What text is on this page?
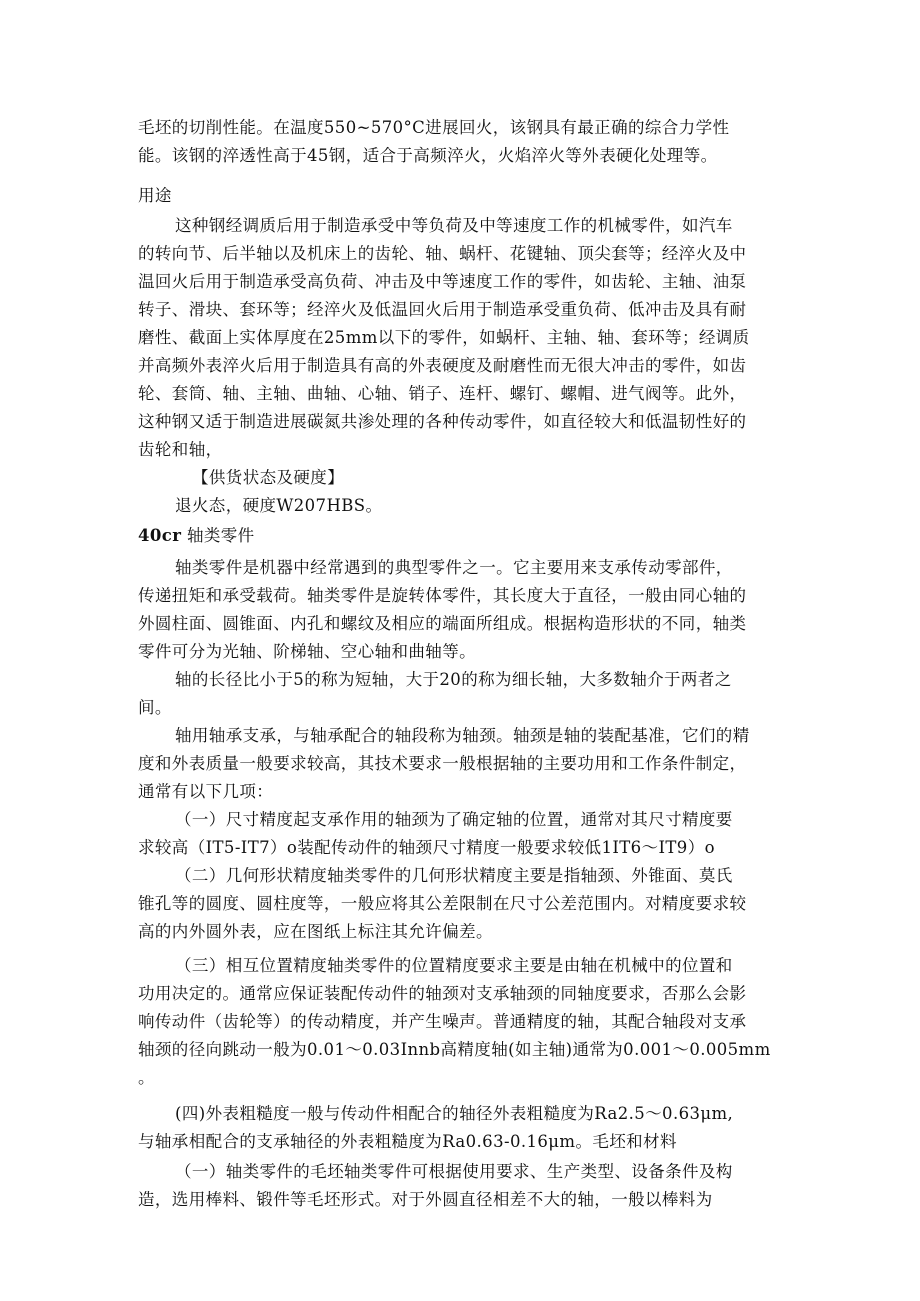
毛坯的切削性能。在温度550~570°C进展回火，该钢具有最正确的综合力学性
能。该钢的淬透性高于45钢，适合于高频淬火，火焰淬火等外表硬化处理等。
用途
这种钢经调质后用于制造承受中等负荷及中等速度工作的机械零件，如汽车
的转向节、后半轴以及机床上的齿轮、轴、蜗杆、花键轴、顶尖套等；经淬火及中
温回火后用于制造承受高负荷、冲击及中等速度工作的零件，如齿轮、主轴、油泵
转子、滑块、套环等；经淬火及低温回火后用于制造承受重负荷、低冲击及具有耐
磨性、截面上实体厚度在25mm以下的零件，如蜗杆、主轴、轴、套环等；经调质
并高频外表淬火后用于制造具有高的外表硬度及耐磨性而无很大冲击的零件，如齿
轮、套筒、轴、主轴、曲轴、心轴、销子、连杆、螺钉、螺帽、进气阀等。此外，
这种钢又适于制造进展碳氮共渗处理的各种传动零件，如直径较大和低温韧性好的
齿轮和轴，
【供货状态及硬度】
退火态，硬度W207HBS。
40cr 轴类零件
轴类零件是机器中经常遇到的典型零件之一。它主要用来支承传动零部件，
传递扭矩和承受载荷。轴类零件是旋转体零件，其长度大于直径，一般由同心轴的
外圆柱面、圆锥面、内孔和螺纹及相应的端面所组成。根据构造形状的不同，轴类
零件可分为光轴、阶梯轴、空心轴和曲轴等。
轴的长径比小于5的称为短轴，大于20的称为细长轴，大多数轴介于两者之
间。
轴用轴承支承，与轴承配合的轴段称为轴颈。轴颈是轴的装配基准，它们的精
度和外表质量一般要求较高，其技术要求一般根据轴的主要功用和工作条件制定，
通常有以下几项：
（一）尺寸精度起支承作用的轴颈为了确定轴的位置，通常对其尺寸精度要
求较高（IT5-IT7）o装配传动件的轴颈尺寸精度一般要求较低1IT6～IT9）o
（二）几何形状精度轴类零件的几何形状精度主要是指轴颈、外锥面、莫氏
锥孔等的圆度、圆柱度等，一般应将其公差限制在尺寸公差范围内。对精度要求较
高的内外圆外表，应在图纸上标注其允许偏差。
（三）相互位置精度轴类零件的位置精度要求主要是由轴在机械中的位置和
功用决定的。通常应保证装配传动件的轴颈对支承轴颈的同轴度要求，否那么会影
响传动件（齿轮等）的传动精度，并产生噪声。普通精度的轴，其配合轴段对支承
轴颈的径向跳动一般为0.01～0.03Innb高精度轴(如主轴)通常为0.001～0.005mm
。
(四)外表粗糙度一般与传动件相配合的轴径外表粗糙度为Ra2.5～0.63μm,
与轴承相配合的支承轴径的外表粗糙度为Ra0.63-0.16μm。毛坯和材料
（一）轴类零件的毛坯轴类零件可根据使用要求、生产类型、设备条件及构
造，选用棒料、锻件等毛坯形式。对于外圆直径相差不大的轴，一般以棒料为
